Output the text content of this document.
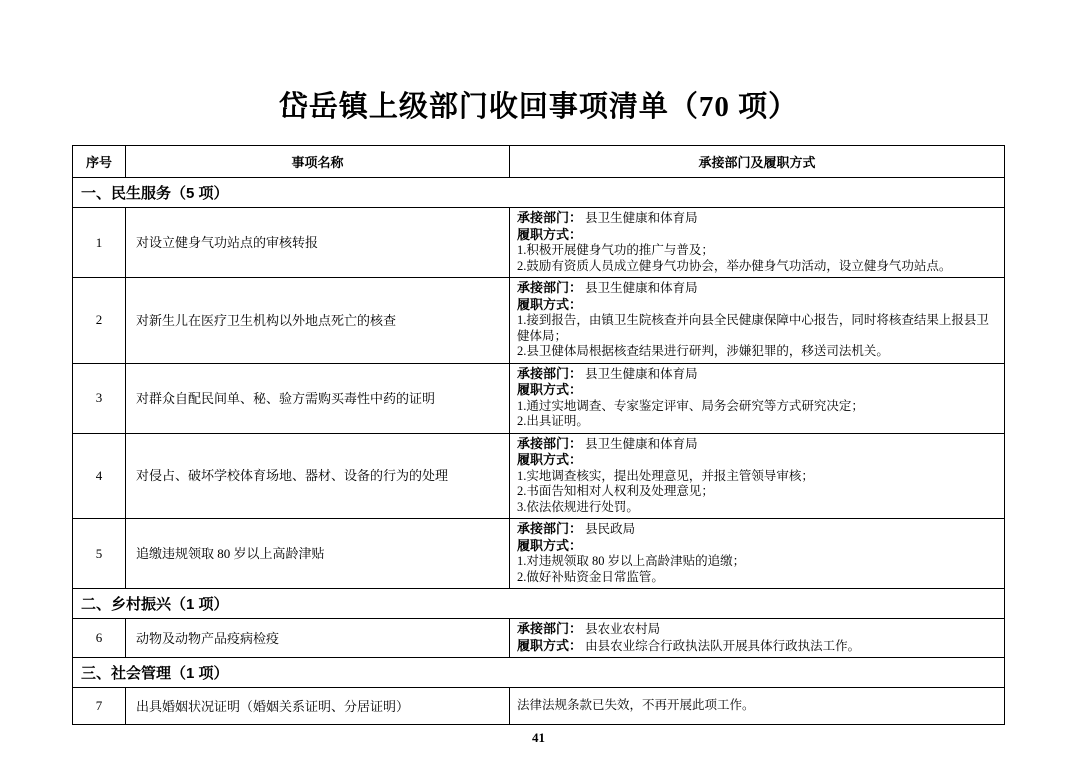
岱岳镇上级部门收回事项清单（70 项）
序号	事项名称	承接部门及履职方式
一、民生服务（5 项）		
1	对设立健身气功站点的审核转报	承接部门： 县卫生健康和体育局
履职方式：
1.积极开展健身气功的推广与普及；
2.鼓励有资质人员成立健身气功协会，举办健身气功活动，设立健身气功站点。

2	对新生儿在医疗卫生机构以外地点死亡的核查	承接部门： 县卫生健康和体育局
履职方式：
1.接到报告，由镇卫生院核查并向县全民健康保障中心报告，同时将核查结果上报县卫健体局；
2.县卫健体局根据核查结果进行研判，涉嫌犯罪的，移送司法机关。

3	对群众自配民间单、秘、验方需购买毒性中药的证明	承接部门： 县卫生健康和体育局
履职方式：
1.通过实地调查、专家鉴定评审、局务会研究等方式研究决定；
2.出具证明。

4	对侵占、破坏学校体育场地、器材、设备的行为的处理	承接部门： 县卫生健康和体育局
履职方式：
1.实地调查核实，提出处理意见，并报主管领导审核；
2.书面告知相对人权利及处理意见；
3.依法依规进行处罚。

5	追缴违规领取 80 岁以上高龄津贴	承接部门： 县民政局
履职方式：
1.对违规领取 80 岁以上高龄津贴的追缴；
2.做好补贴资金日常监管。

二、乡村振兴（1 项）		
6	动物及动物产品疫病检疫	承接部门： 县农业农村局
履职方式： 由县农业综合行政执法队开展具体行政执法工作。

三、社会管理（1 项）		
7	出具婚姻状况证明（婚姻关系证明、分居证明）	法律法规条款已失效，不再开展此项工作。
41
